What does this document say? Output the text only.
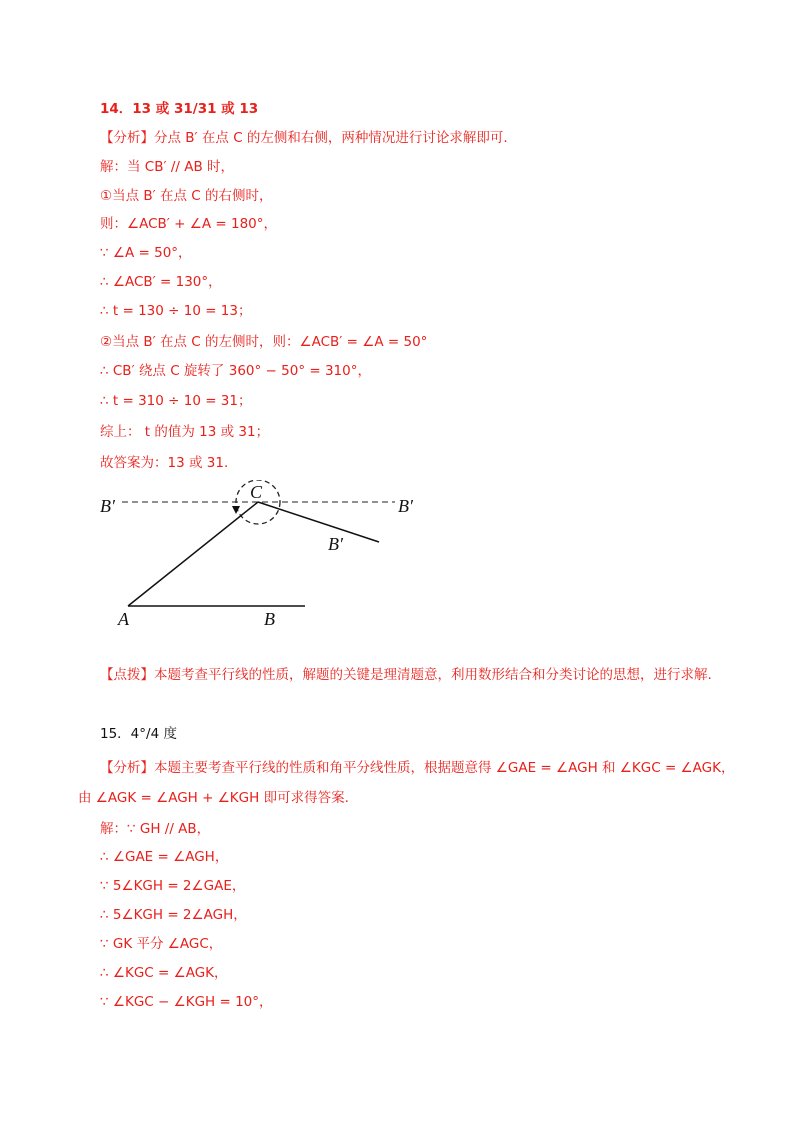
14．13 或 31/31 或 13
【分析】分点 B′ 在点 C 的左侧和右侧，两种情况进行讨论求解即可.
解：当 CB′ // AB 时，
①当点 B′ 在点 C 的右侧时，
则：∠ACB′ + ∠A = 180°，
∵ ∠A = 50°，
∴ ∠ACB′ = 130°，
∴ t = 130 ÷ 10 = 13；
②当点 B′ 在点 C 的左侧时，则：∠ACB′ = ∠A = 50°
∴ CB′ 绕点 C 旋转了 360° − 50° = 310°，
∴ t = 310 ÷ 10 = 31；
综上： t 的值为 13 或 31；
故答案为：13 或 31.
B′	B′
C
B′
A	B
【点拨】本题考查平行线的性质，解题的关键是理清题意，利用数形结合和分类讨论的思想，进行求解.
15．4°/4 度
【分析】本题主要考查平行线的性质和角平分线性质，根据题意得 ∠GAE = ∠AGH 和 ∠KGC = ∠AGK，由 ∠AGK = ∠AGH + ∠KGH 即可求得答案.
解：∵ GH // AB，
∴ ∠GAE = ∠AGH，
∵ 5∠KGH = 2∠GAE，
∴ 5∠KGH = 2∠AGH，
∵ GK 平分 ∠AGC，
∴ ∠KGC = ∠AGK，
∵ ∠KGC − ∠KGH = 10°，
